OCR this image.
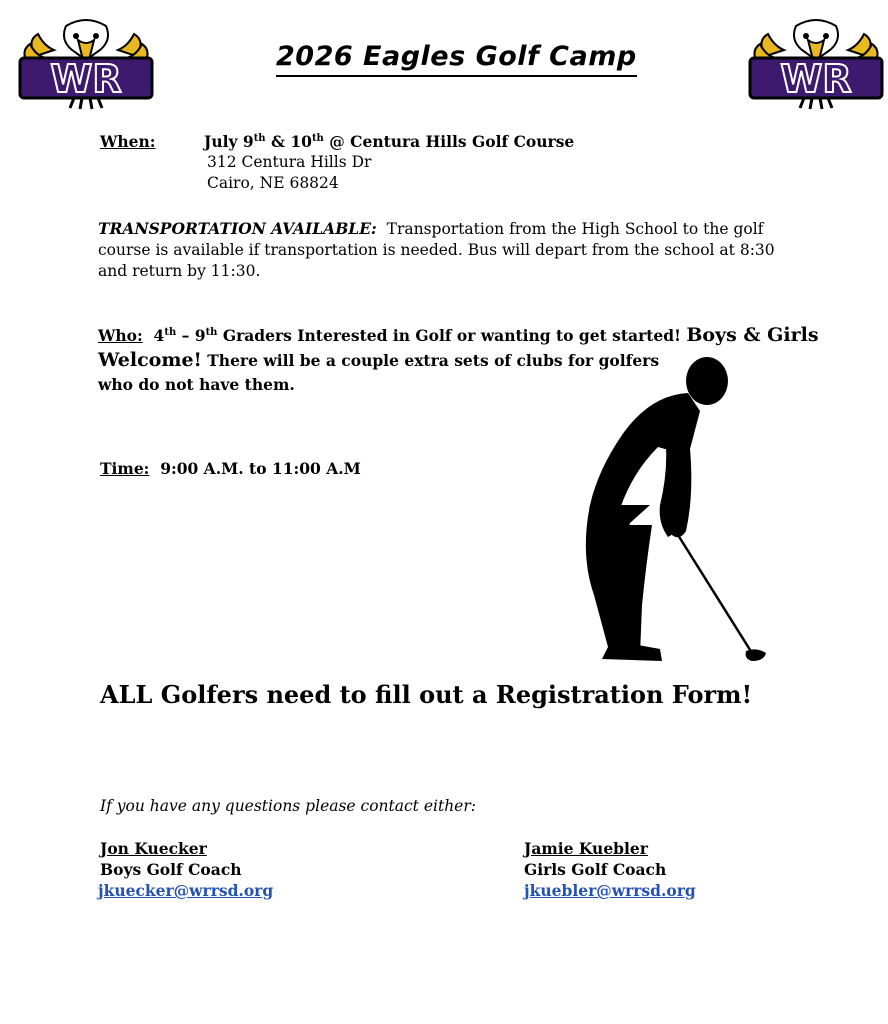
WR	WR
2026 Eagles Golf Camp
When:	July 9th & 10th @ Centura Hills Golf Course
312 Centura Hills Dr
Cairo, NE 68824
TRANSPORTATION AVAILABLE: Transportation from the High School to the golf course is available if transportation is needed. Bus will depart from the school at 8:30 and return by 11:30.
Who: 4th – 9th Graders Interested in Golf or wanting to get started! Boys & Girls
Welcome! There will be a couple extra sets of clubs for golfers
who do not have them.
Time: 9:00 A.M. to 11:00 A.M
ALL Golfers need to fill out a Registration Form!
If you have any questions please contact either:
Jon Kuecker
Boys Golf Coach
jkuecker@wrrsd.org
Jamie Kuebler
Girls Golf Coach
jkuebler@wrrsd.org
